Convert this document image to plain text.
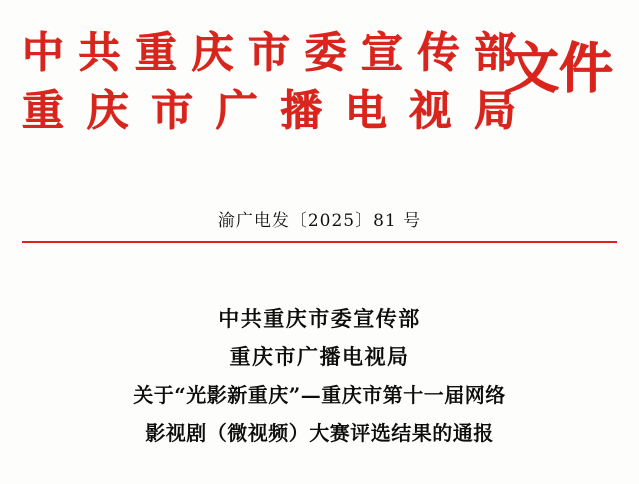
中共重庆市委宣传部
重庆市广播电视局
文件
渝广电发〔2025〕81 号
中共重庆市委宣传部
重庆市广播电视局
关于“光影新重庆”—重庆市第十一届网络
影视剧（微视频）大赛评选结果的通报
